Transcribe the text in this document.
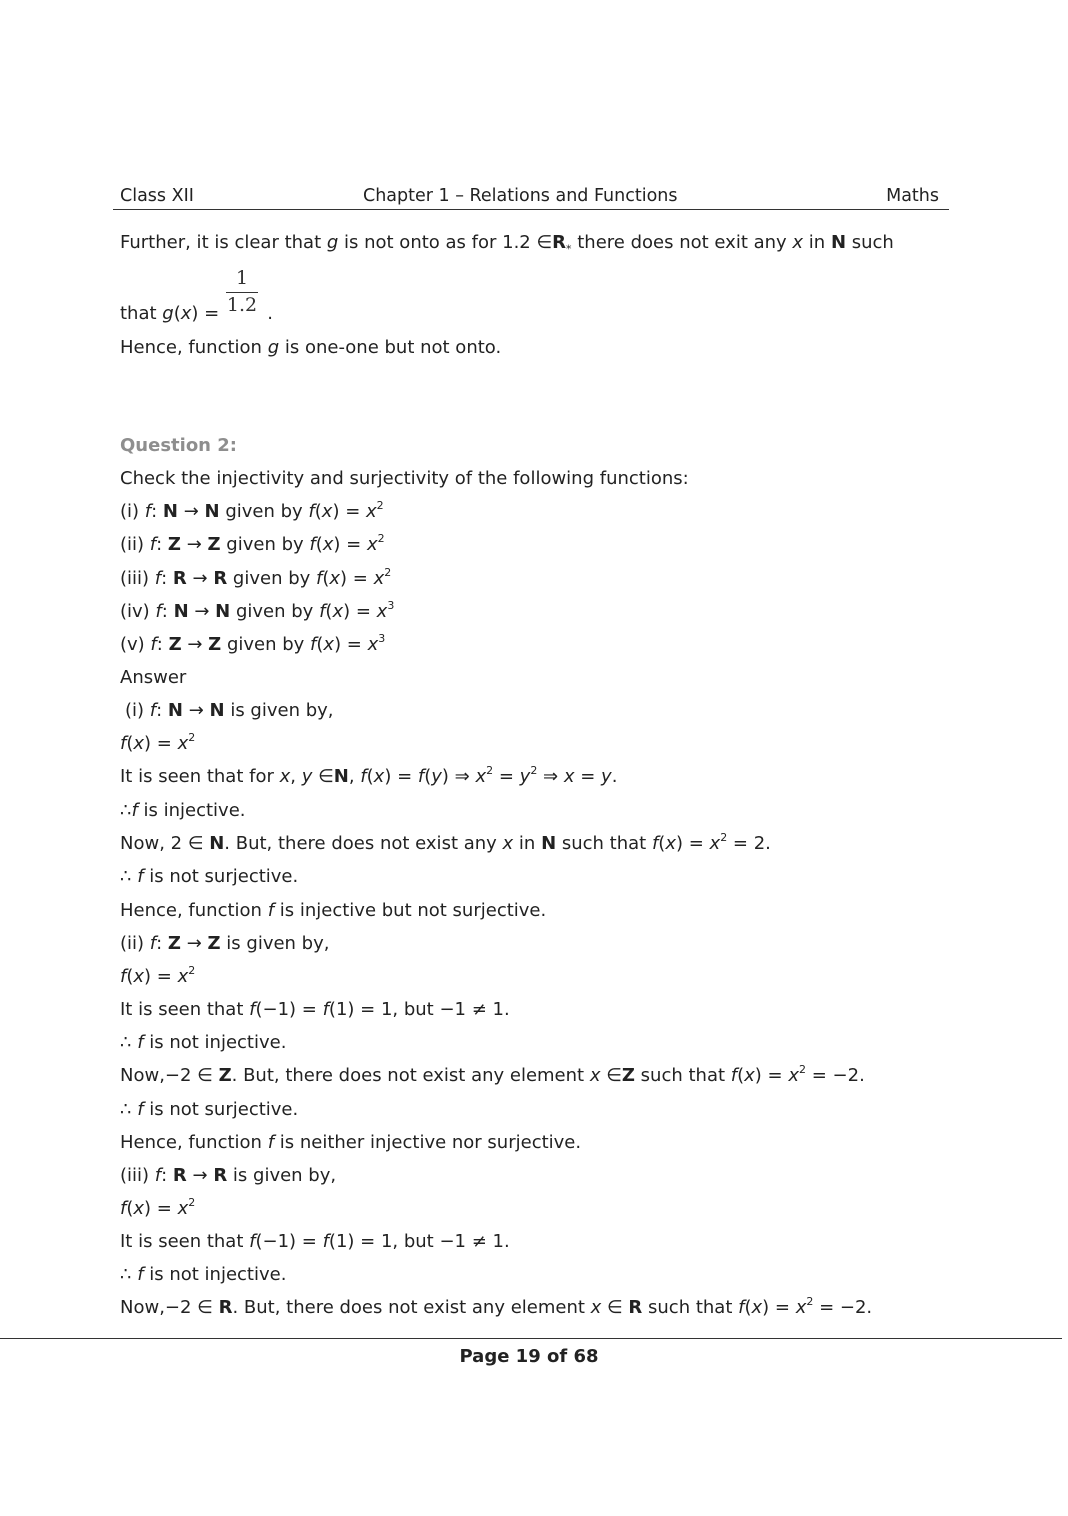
Class XII	Chapter 1 – Relations and Functions	Maths
1
1.2
Further, it is clear that g is not onto as for 1.2 $\in R_*$ there does not exit any x in N such
that g(x) =	.
Hence, function g is one-one but not onto.
Question 2:
Check the injectivity and surjectivity of the following functions:
(i) f: N → N given by $f(x) = x^2$
(ii) f: Z → Z given by $f(x) = x^2$
(iii) f: R → R given by $f(x) = x^2$
(iv) f: N → N given by $f(x) = x^3$
(v) f: Z → Z given by $f(x) = x^3$
Answer
(i) f: N → N is given by,
$f(x) = x^2$
It is seen that for x, y ∈N, f(x) = f(y) ⇒ $x^2 = y^2$ ⇒ x = y.
∴f is injective.
Now, 2 ∈ N. But, there does not exist any x in N such that $f(x) = x^2 = 2$.
∴ f is not surjective.
Hence, function f is injective but not surjective.
(ii) f: Z → Z is given by,
$f(x) = x^2$
It is seen that f(−1) = f(1) = 1, but −1 ≠ 1.
∴ f is not injective.
Now,−2 ∈ Z. But, there does not exist any element x ∈Z such that $f(x) = x^2 = -2$.
∴ f is not surjective.
Hence, function f is neither injective nor surjective.
(iii) f: R → R is given by,
$f(x) = x^2$
It is seen that f(−1) = f(1) = 1, but −1 ≠ 1.
∴ f is not injective.
Now,−2 ∈ R. But, there does not exist any element x ∈ R such that $f(x) = x^2 = -2$.
Page 19 of 68
